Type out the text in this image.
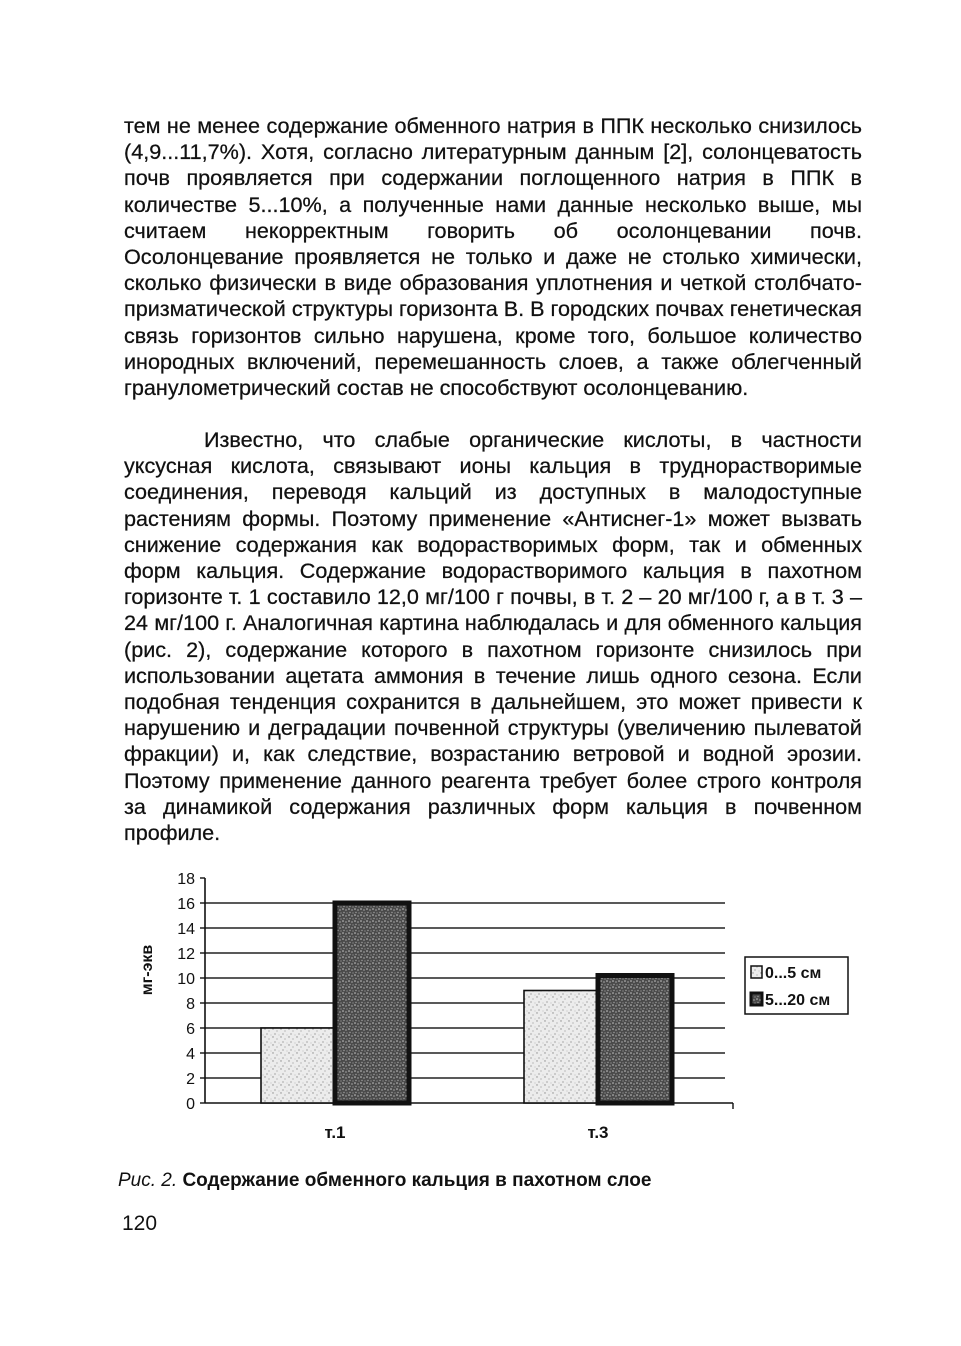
тем не менее содержание обменного натрия в ППК несколько снизилось (4,9...11,7%). Хотя, согласно литературным данным [2], солонцеватость почв проявляется при содержании поглощенного натрия в ППК в количестве 5...10%, а полученные нами данные несколько выше, мы считаем некорректным говорить об осолонцевании почв. Осолонцевание проявляется не только и даже не столько химически, сколько физически в виде образования уплотнения и четкой столбчато-призматической структуры горизонта В. В городских почвах генетическая связь горизонтов сильно нарушена, кроме того, большое количество инородных включений, перемешанность слоев, а также облегченный гранулометрический состав не способствуют осолонцеванию.

Известно, что слабые органические кислоты, в частности уксусная кислота, связывают ионы кальция в труднорастворимые соединения, переводя кальций из доступных в малодоступные растениям формы. Поэтому применение «Антиснег-1» может вызвать снижение содержания как водорастворимых форм, так и обменных форм кальция. Содержание водорастворимого кальция в пахотном горизонте т. 1 составило 12,0 мг/100 г почвы, в т. 2 – 20 мг/100 г, а в т. 3 – 24 мг/100 г. Аналогичная картина наблюдалась и для обменного кальция (рис. 2), содержание которого в пахотном горизонте снизилось при использовании ацетата аммония в течение лишь одного сезона. Если подобная тенденция сохранится в дальнейшем, это может привести к нарушению и деградации почвенной структуры (увеличению пылеватой фракции) и, как следствие, возрастанию ветровой и водной эрозии. Поэтому применение данного реагента требует более строго контроля за динамикой содержания различных форм кальция в почвенном профиле.

0
2
4
6
8
10
12
14
16
18
мг-экв
т.1	т.3
0...5 см
5...20 см
Рис. 2. Содержание обменного кальция в пахотном слое
120
